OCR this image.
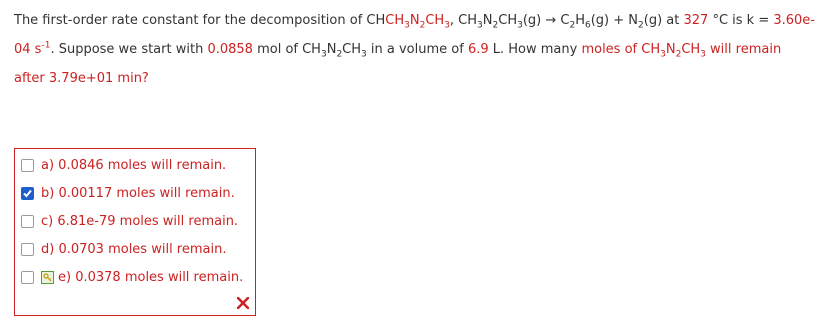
The first-order rate constant for the decomposition of $CHCH_3N_2CH_3$, $CH_3N_2CH_3(g) \to C_2H_6(g) + N_2(g)$ at 327 °C is k = 3.60e-04 $s^{-1}$. Suppose we start with 0.0858 mol of $CH_3N_2CH_3$ in a volume of 6.9 L. How many moles of $CH_3N_2CH_3$ will remain
after 3.79e+01 min?
a) 0.0846 moles will remain.
b) 0.00117 moles will remain.
c) 6.81e-79 moles will remain.
d) 0.0703 moles will remain.
e) 0.0378 moles will remain.
